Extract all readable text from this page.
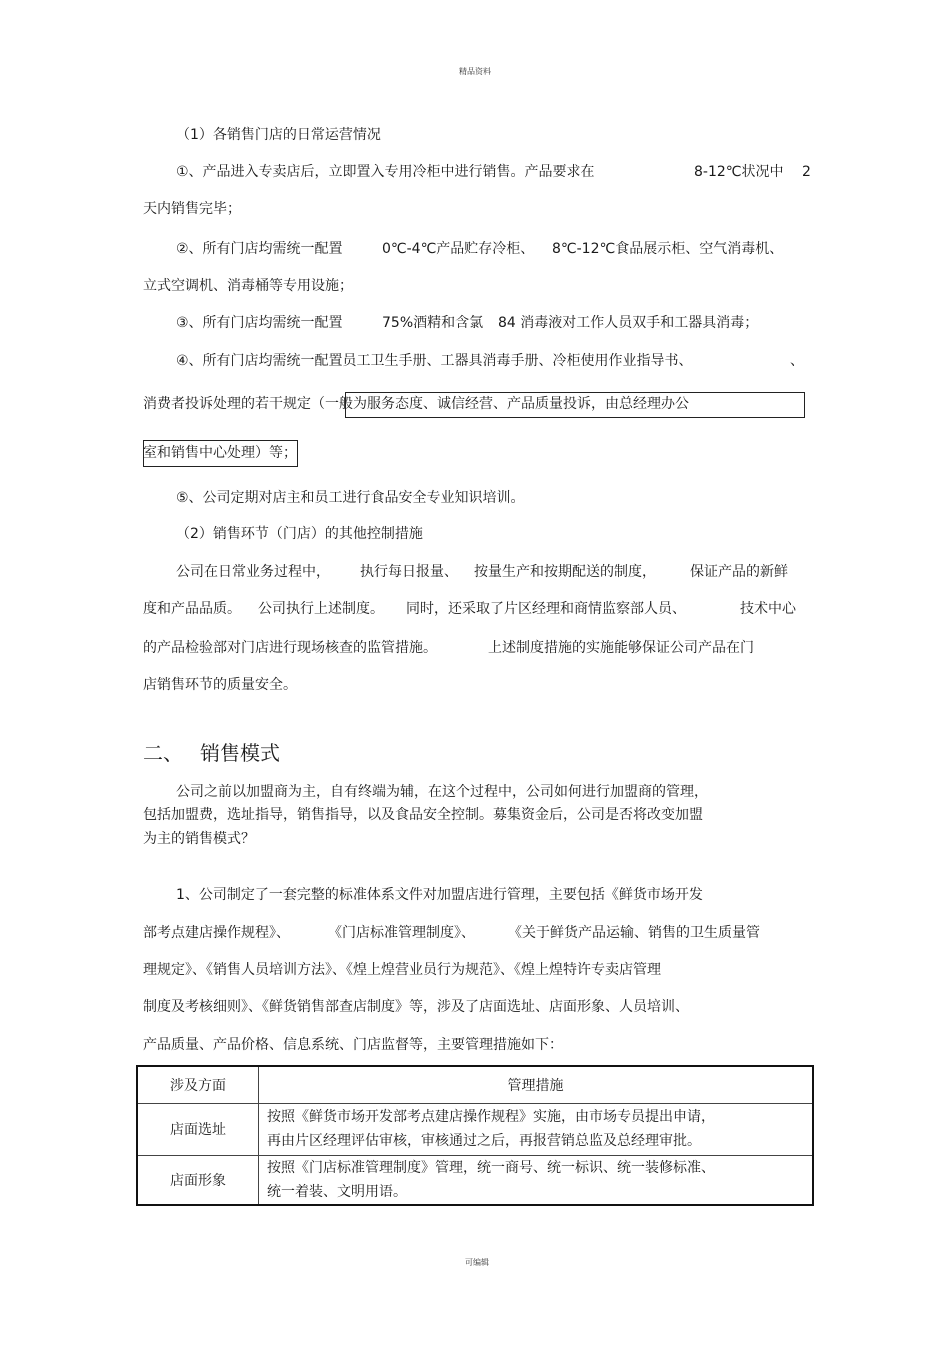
精品资料
可编辑

（1）各销售门店的日常运营情况

①、产品进入专卖店后，立即置入专用冷柜中进行销售。产品要求在	8-12℃状况中 2

天内销售完毕；

②、所有门店均需统一配置	0℃-4℃产品贮存冷柜、 8℃-12℃食品展示柜、空气消毒机、

立式空调机、消毒桶等专用设施；

③、所有门店均需统一配置	75%酒精和含氯 84 消毒液对工作人员双手和工器具消毒；

④、所有门店均需统一配置员工卫生手册、工器具消毒手册、冷柜使用作业指导书、	、

消费者投诉处理的若干规定（一般为服务态度、诚信经营、产品质量投诉，由总经理办公

室和销售中心处理）等；

⑤、公司定期对店主和员工进行食品安全专业知识培训。

（2）销售环节（门店）的其他控制措施

公司在日常业务过程中， 执行每日报量、 按量生产和按期配送的制度， 保证产品的新鲜

度和产品品质。 公司执行上述制度。 同时，还采取了片区经理和商情监察部人员、	技术中心

的产品检验部对门店进行现场核查的监管措施。	上述制度措施的实施能够保证公司产品在门

店销售环节的质量安全。

二、 销售模式

公司之前以加盟商为主，自有终端为辅，在这个过程中，公司如何进行加盟商的管理，

包括加盟费，选址指导，销售指导，以及食品安全控制。募集资金后，公司是否将改变加盟

为主的销售模式？

1、公司制定了一套完整的标准体系文件对加盟店进行管理，主要包括《鲜货市场开发

部考点建店操作规程》、	《门店标准管理制度》、 《关于鲜货产品运输、销售的卫生质量管

理规定》、《销售人员培训方法》、《煌上煌营业员行为规范》、《煌上煌特许专卖店管理

制度及考核细则》、《鲜货销售部查店制度》等，涉及了店面选址、店面形象、人员培训、

产品质量、产品价格、信息系统、门店监督等，主要管理措施如下：

涉及方面	管理措施
店面选址	按照《鲜货市场开发部考点建店操作规程》实施，由市场专员提出申请，
再由片区经理评估审核，审核通过之后，再报营销总监及总经理审批。

店面形象	按照《门店标准管理制度》管理，统一商号、统一标识、统一装修标准、
统一着装、文明用语。
